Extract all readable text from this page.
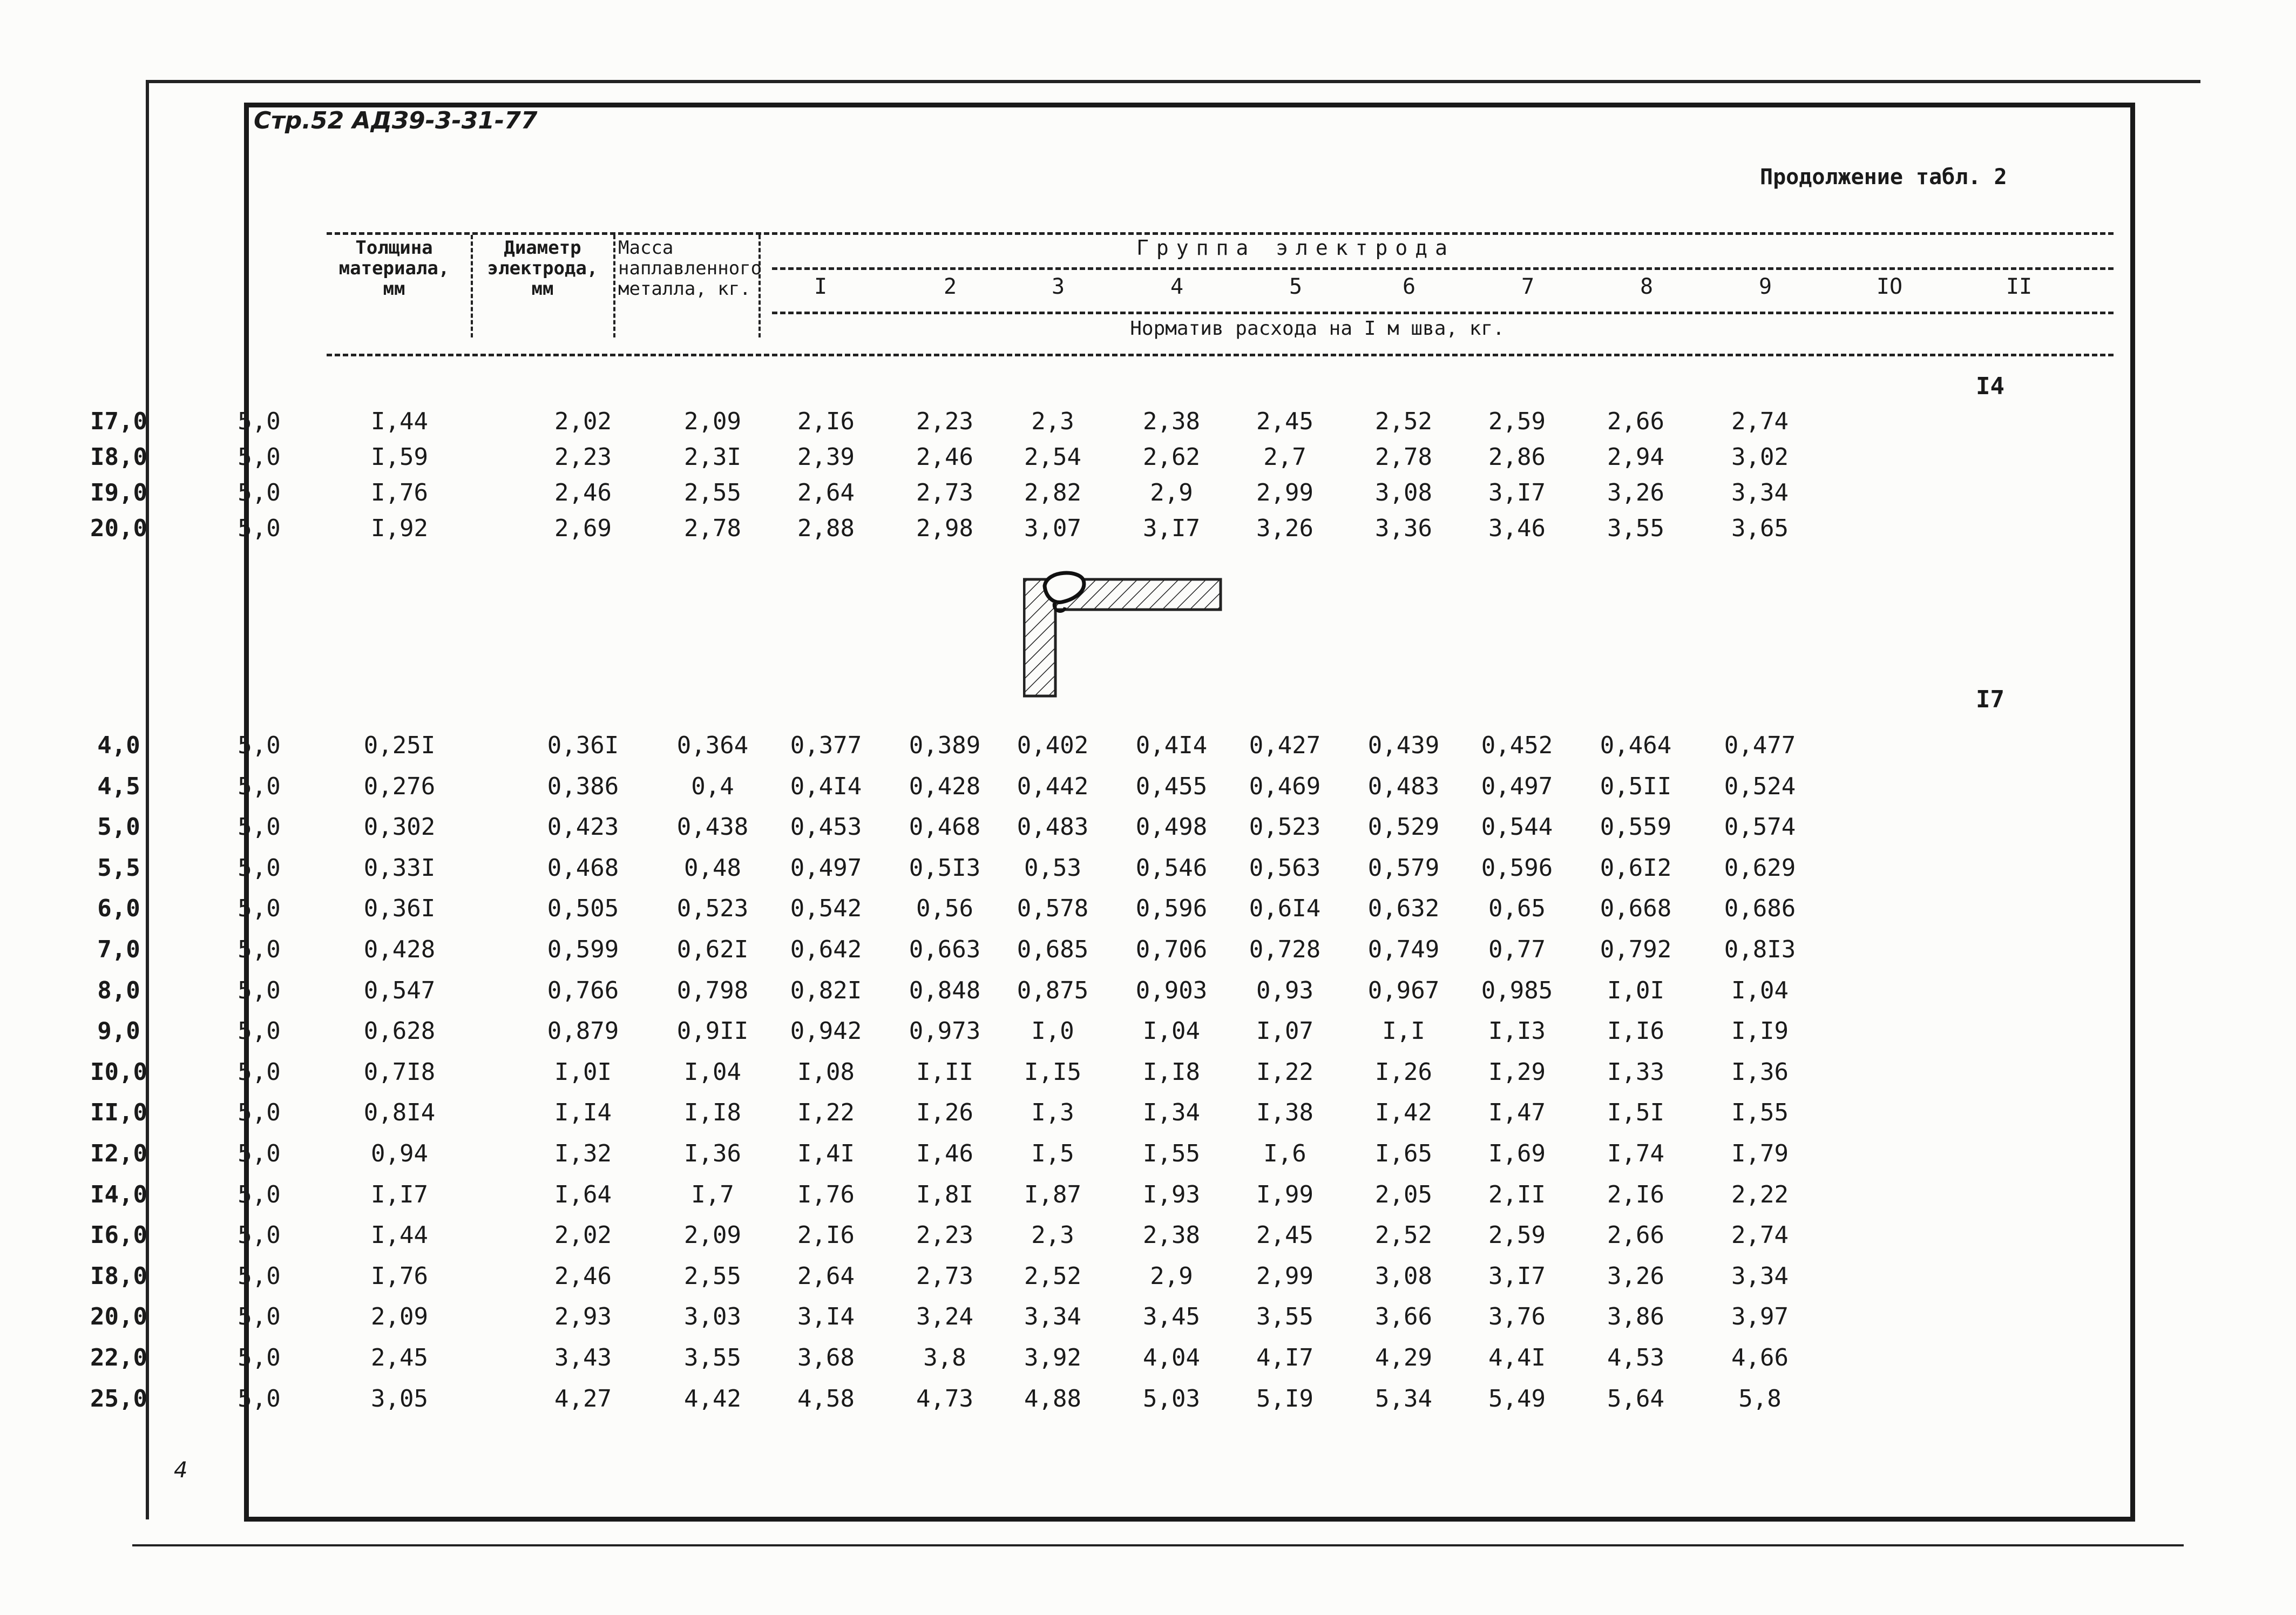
Стр.52 АДЗ9-3-31-77
Продолжение табл. 2
4
Толщина материала, мм
Диаметр электрода, мм
Масса наплавленного металла, кг.
Группа электрода
Норматив расхода на I м шва, кг.
I	2	3	4	5	6	7	8	9	IO	II
I4
I7
I7,0	5,0	I,44	2,02	2,09	2,I6	2,23	2,3	2,38	2,45	2,52	2,59	2,66	2,74
I8,0	5,0	I,59	2,23	2,3I	2,39	2,46	2,54	2,62	2,7	2,78	2,86	2,94	3,02
I9,0	5,0	I,76	2,46	2,55	2,64	2,73	2,82	2,9	2,99	3,08	3,I7	3,26	3,34
20,0	5,0	I,92	2,69	2,78	2,88	2,98	3,07	3,I7	3,26	3,36	3,46	3,55	3,65
4,0	5,0	0,25I	0,36I	0,364	0,377	0,389	0,402	0,4I4	0,427	0,439	0,452	0,464	0,477
4,5	5,0	0,276	0,386	0,4	0,4I4	0,428	0,442	0,455	0,469	0,483	0,497	0,5II	0,524
5,0	5,0	0,302	0,423	0,438	0,453	0,468	0,483	0,498	0,523	0,529	0,544	0,559	0,574
5,5	5,0	0,33I	0,468	0,48	0,497	0,5I3	0,53	0,546	0,563	0,579	0,596	0,6I2	0,629
6,0	5,0	0,36I	0,505	0,523	0,542	0,56	0,578	0,596	0,6I4	0,632	0,65	0,668	0,686
7,0	5,0	0,428	0,599	0,62I	0,642	0,663	0,685	0,706	0,728	0,749	0,77	0,792	0,8I3
8,0	5,0	0,547	0,766	0,798	0,82I	0,848	0,875	0,903	0,93	0,967	0,985	I,0I	I,04
9,0	5,0	0,628	0,879	0,9II	0,942	0,973	I,0	I,04	I,07	I,I	I,I3	I,I6	I,I9
I0,0	5,0	0,7I8	I,0I	I,04	I,08	I,II	I,I5	I,I8	I,22	I,26	I,29	I,33	I,36
II,0	5,0	0,8I4	I,I4	I,I8	I,22	I,26	I,3	I,34	I,38	I,42	I,47	I,5I	I,55
I2,0	5,0	0,94	I,32	I,36	I,4I	I,46	I,5	I,55	I,6	I,65	I,69	I,74	I,79
I4,0	5,0	I,I7	I,64	I,7	I,76	I,8I	I,87	I,93	I,99	2,05	2,II	2,I6	2,22
I6,0	5,0	I,44	2,02	2,09	2,I6	2,23	2,3	2,38	2,45	2,52	2,59	2,66	2,74
I8,0	5,0	I,76	2,46	2,55	2,64	2,73	2,52	2,9	2,99	3,08	3,I7	3,26	3,34
20,0	5,0	2,09	2,93	3,03	3,I4	3,24	3,34	3,45	3,55	3,66	3,76	3,86	3,97
22,0	5,0	2,45	3,43	3,55	3,68	3,8	3,92	4,04	4,I7	4,29	4,4I	4,53	4,66
25,0	5,0	3,05	4,27	4,42	4,58	4,73	4,88	5,03	5,I9	5,34	5,49	5,64	5,8
